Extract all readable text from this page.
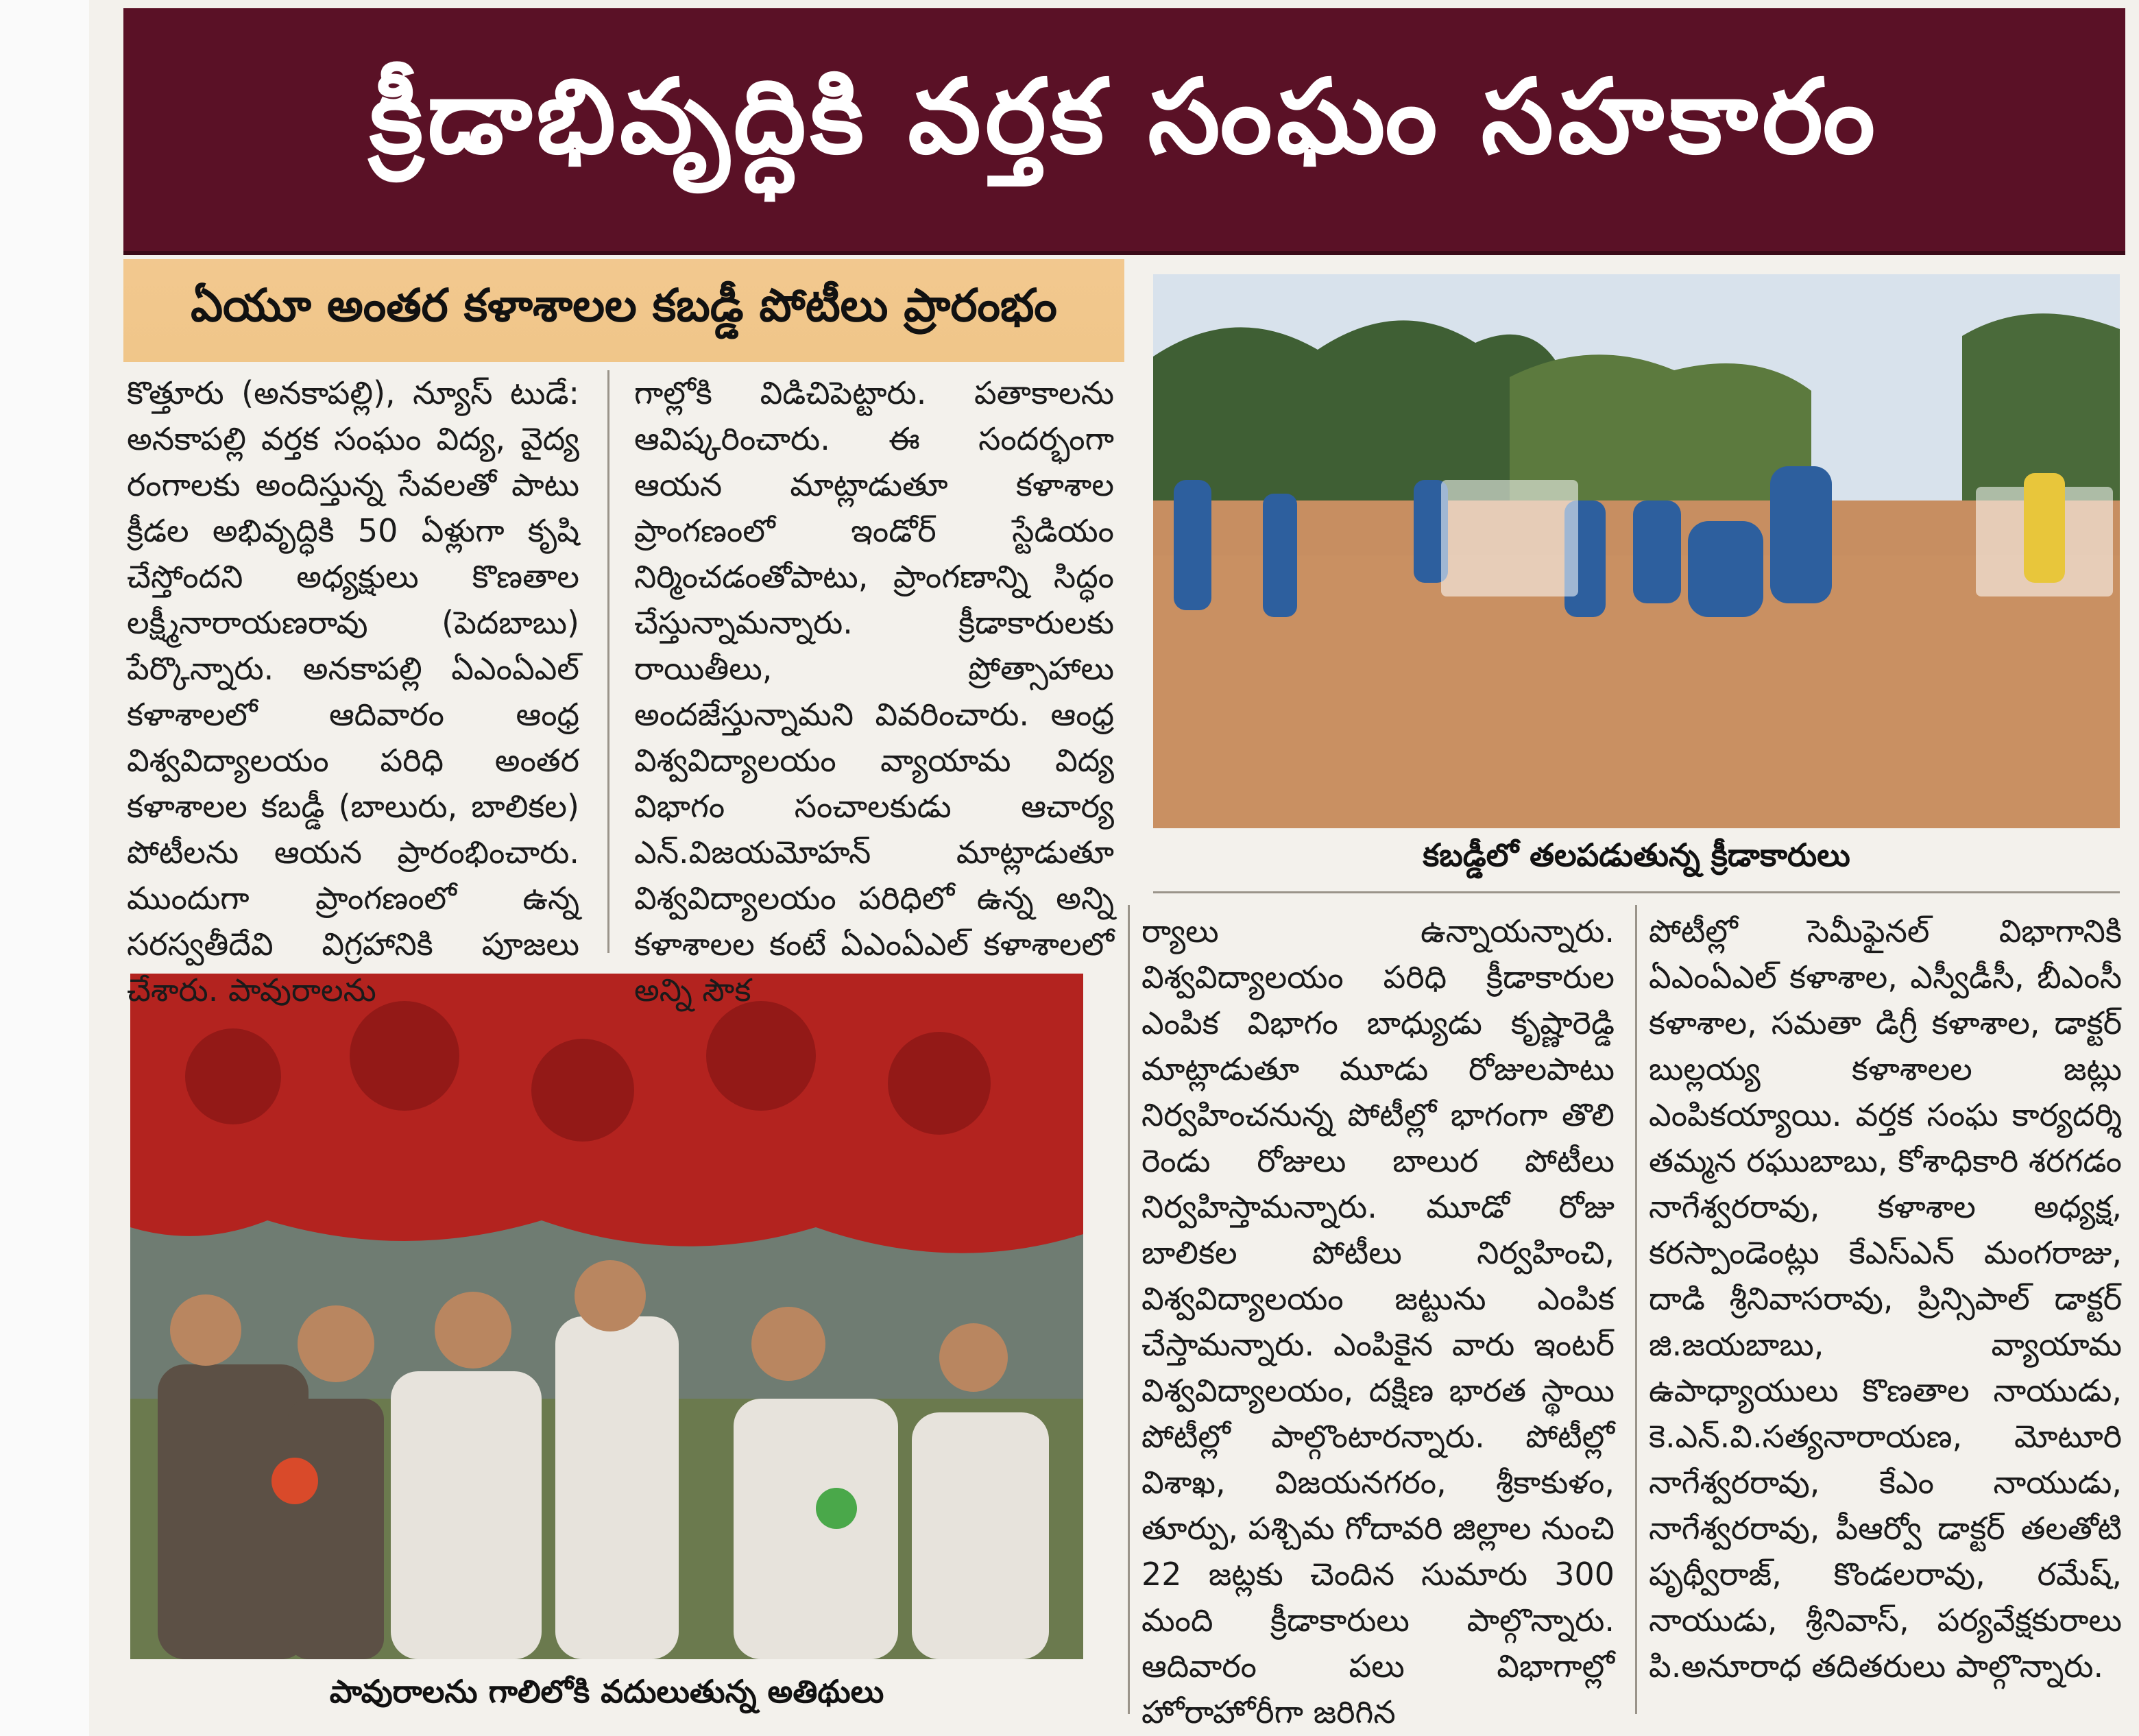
క్రీడాభివృద్ధికి వర్తక సంఘం సహకారం
ఏయూ అంతర కళాశాలల కబడ్డీ పోటీలు ప్రారంభం
కబడ్డీలో తలపడుతున్న క్రీడాకారులు
పావురాలను గాలిలోకి వదులుతున్న అతిథులు

కొత్తూరు (అనకాపల్లి), న్యూస్ టుడే: అనకాపల్లి వర్తక సంఘం విద్య, వైద్య రంగాలకు అందిస్తున్న సేవలతో పాటు క్రీడల అభివృద్ధికి 50 ఏళ్లుగా కృషి చేస్తోందని అధ్యక్షులు కొణతాల లక్ష్మీనారాయణరావు (పెదబాబు) పేర్కొన్నారు. అనకాపల్లి ఏఎంఏఎల్ కళాశాలలో ఆదివారం ఆంధ్ర విశ్వవిద్యాలయం పరిధి అంతర కళాశాలల కబడ్డీ (బాలురు, బాలికల) పోటీలను ఆయన ప్రారంభించారు. ముందుగా ప్రాంగణంలో ఉన్న సరస్వతీదేవి విగ్రహానికి పూజలు చేశారు. పావురాలను

గాల్లోకి విడిచిపెట్టారు. పతాకాలను ఆవిష్కరించారు. ఈ సందర్భంగా ఆయన మాట్లాడుతూ కళాశాల ప్రాంగణంలో ఇండోర్ స్టేడియం నిర్మించడంతోపాటు, ప్రాంగణాన్ని సిద్ధం చేస్తున్నామన్నారు. క్రీడాకారులకు రాయితీలు, ప్రోత్సాహాలు అందజేస్తున్నామని వివరించారు. ఆంధ్ర విశ్వవిద్యాలయం వ్యాయామ విద్య విభాగం సంచాలకుడు ఆచార్య ఎన్.విజయమోహన్ మాట్లాడుతూ విశ్వవిద్యాలయం పరిధిలో ఉన్న అన్ని కళాశాలల కంటే ఏఎంఏఎల్ కళాశాలలో అన్ని సౌక

ర్యాలు ఉన్నాయన్నారు. విశ్వవిద్యాలయం పరిధి క్రీడాకారుల ఎంపిక విభాగం బాధ్యుడు కృష్ణారెడ్డి మాట్లాడుతూ మూడు రోజులపాటు నిర్వహించనున్న పోటీల్లో భాగంగా తొలి రెండు రోజులు బాలుర పోటీలు నిర్వహిస్తామన్నారు. మూడో రోజు బాలికల పోటీలు నిర్వహించి, విశ్వవిద్యాలయం జట్టును ఎంపిక చేస్తామన్నారు. ఎంపికైన వారు ఇంటర్ విశ్వవిద్యాలయం, దక్షిణ భారత స్థాయి పోటీల్లో పాల్గొంటారన్నారు. పోటీల్లో విశాఖ, విజయనగరం, శ్రీకాకుళం, తూర్పు, పశ్చిమ గోదావరి జిల్లాల నుంచి 22 జట్లకు చెందిన సుమారు 300 మంది క్రీడాకారులు పాల్గొన్నారు. ఆదివారం పలు విభాగాల్లో హోరాహోరీగా జరిగిన

పోటీల్లో సెమీఫైనల్ విభాగానికి ఏఎంఏఎల్ కళాశాల, ఎస్వీడీసీ, బీఎంసీ కళాశాల, సమతా డిగ్రీ కళాశాల, డాక్టర్ బుల్లయ్య కళాశాలల జట్లు ఎంపికయ్యాయి. వర్తక సంఘ కార్యదర్శి తమ్మన రఘుబాబు, కోశాధికారి శరగడం నాగేశ్వరరావు, కళాశాల అధ్యక్ష, కరస్పాండెంట్లు కేఎస్ఎన్ మంగరాజు, దాడి శ్రీనివాసరావు, ప్రిన్సిపాల్ డాక్టర్ జి.జయబాబు, వ్యాయామ ఉపాధ్యాయులు కొణతాల నాయుడు, కె.ఎన్.వి.సత్యనారాయణ, మోటూరి నాగేశ్వరరావు, కేఎం నాయుడు, నాగేశ్వరరావు, పీఆర్వో డాక్టర్ తలతోటి పృథ్వీరాజ్, కొండలరావు, రమేష్, నాయుడు, శ్రీనివాస్, పర్యవేక్షకురాలు పి.అనూరాధ తదితరులు పాల్గొన్నారు.
